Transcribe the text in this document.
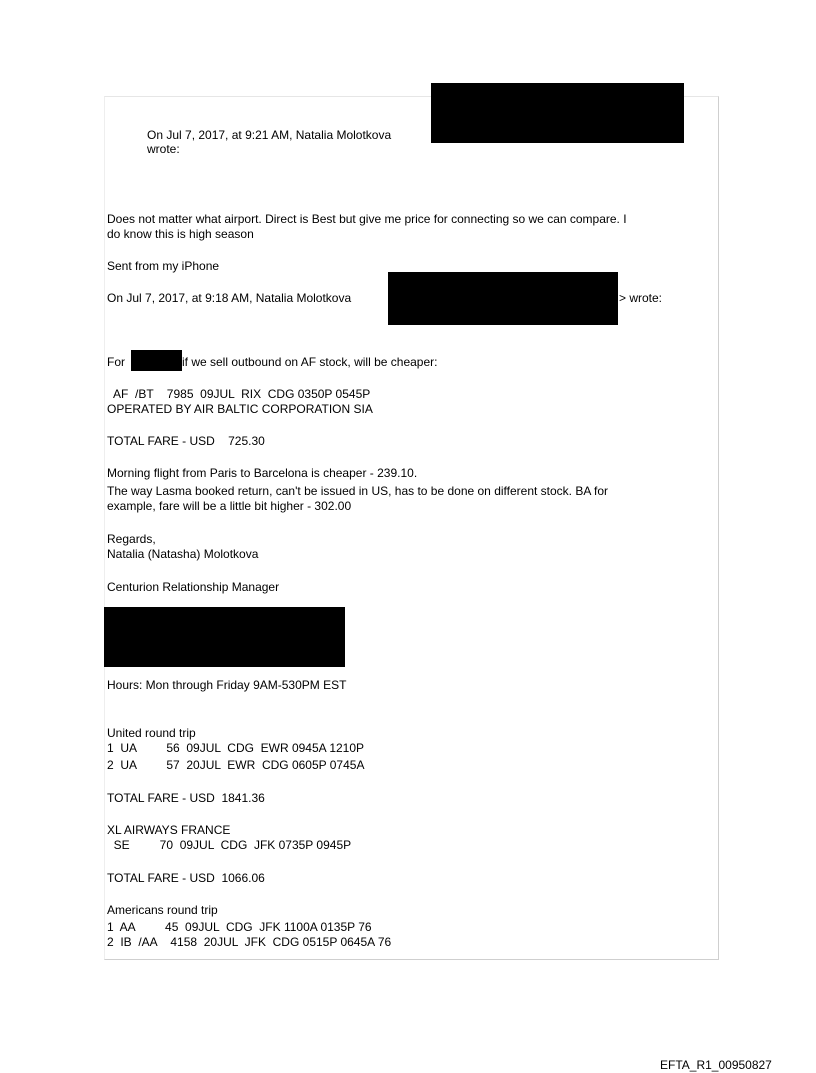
On Jul 7, 2017, at 9:21 AM, Natalia Molotkova

wrote:

Does not matter what airport. Direct is Best but give me price for connecting so we can compare. I

do know this is high season

Sent from my iPhone

On Jul 7, 2017, at 9:18 AM, Natalia Molotkova	> wrote:

For	if we sell outbound on AF stock, will be cheaper:

AF  /BT    7985  09JUL  RIX  CDG 0350P 0545P

OPERATED BY AIR BALTIC CORPORATION SIA

TOTAL FARE - USD    725.30

Morning flight from Paris to Barcelona is cheaper - 239.10.

The way Lasma booked return, can't be issued in US, has to be done on different stock. BA for

example, fare will be a little bit higher - 302.00

Regards,

Natalia (Natasha) Molotkova

Centurion Relationship Manager

Hours: Mon through Friday 9AM-530PM EST

United round trip

1  UA         56  09JUL  CDG  EWR 0945A 1210P

2  UA         57  20JUL  EWR  CDG 0605P 0745A

TOTAL FARE - USD  1841.36

XL AIRWAYS FRANCE

SE         70  09JUL  CDG  JFK 0735P 0945P

TOTAL FARE - USD  1066.06

Americans round trip

1  AA         45  09JUL  CDG  JFK 1100A 0135P 76

2  IB  /AA    4158  20JUL  JFK  CDG 0515P 0645A 76

EFTA_R1_00950827
